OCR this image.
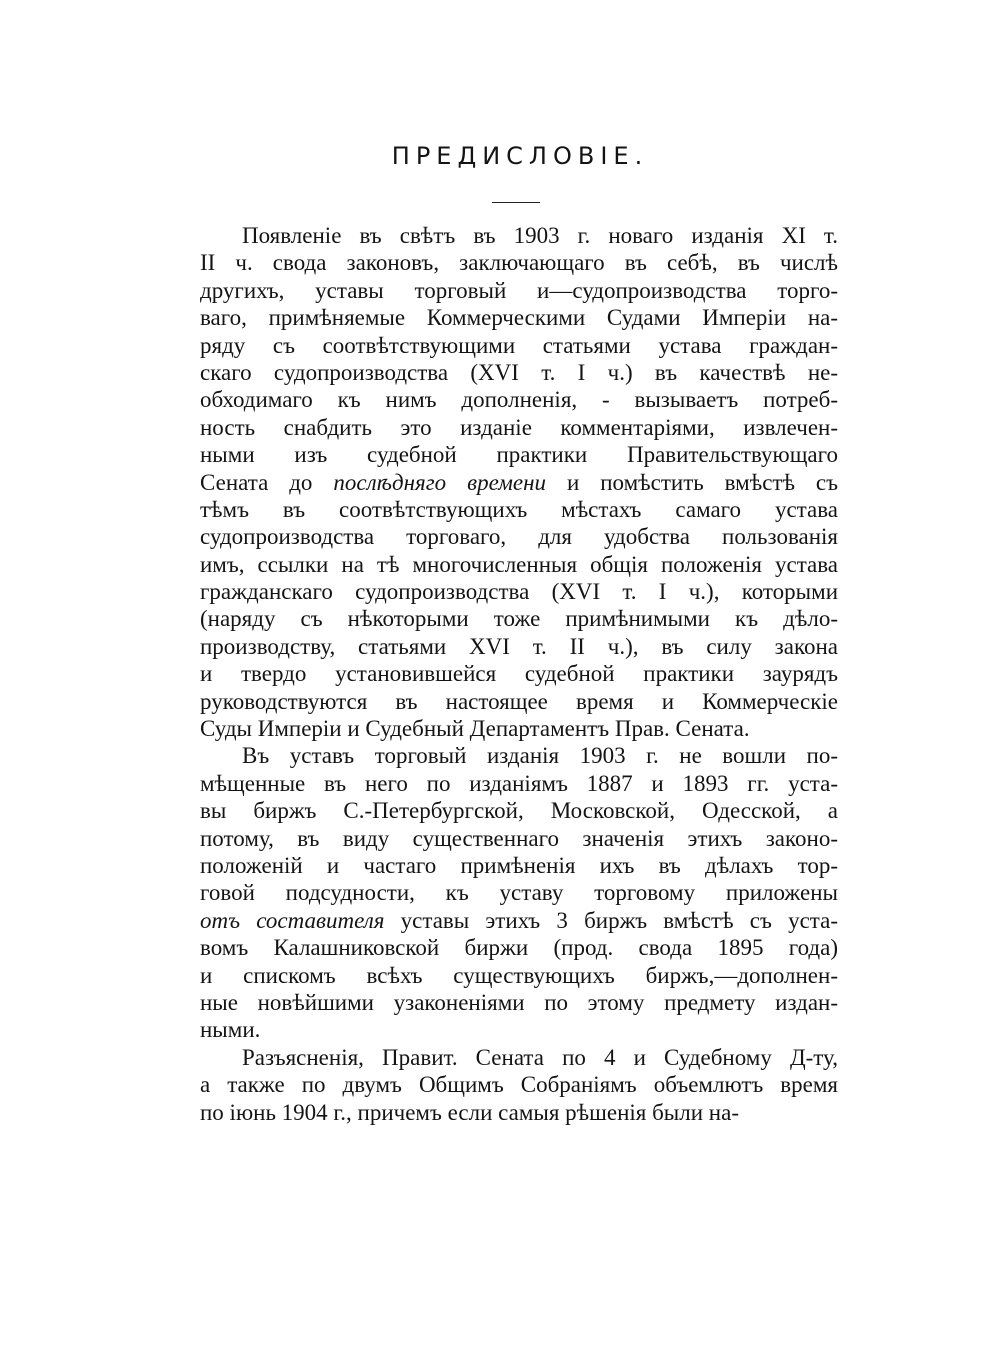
ПРЕДИСЛОВІЕ.
Появленіе въ свѣтъ въ 1903 г. новаго изданія XI т.
II ч. свода законовъ, заключающаго въ себѣ, въ числѣ
другихъ, уставы торговый и—судопроизводства торго-
ваго, примѣняемые Коммерческими Судами Имперіи на-
ряду съ соотвѣтствующими статьями устава граждан-
скаго судопроизводства (XVI т. I ч.) въ качествѣ не-
обходимаго къ нимъ дополненія, - вызываетъ потреб-
ность снабдить это изданіе комментаріями, извлечен-
ными изъ судебной практики Правительствующаго
Сената до послѣдняго времени и помѣстить вмѣстѣ съ
тѣмъ въ соотвѣтствующихъ мѣстахъ самаго устава
судопроизводства торговаго, для удобства пользованія
имъ, ссылки на тѣ многочисленныя общія положенія устава
гражданскаго судопроизводства (XVI т. I ч.), которыми
(наряду съ нѣкоторыми тоже примѣнимыми къ дѣло-
производству, статьями XVI т. II ч.), въ силу закона
и твердо установившейся судебной практики заурядъ
руководствуются въ настоящее время и Коммерческіе
Суды Имперіи и Судебный Департаментъ Прав. Сената.
Въ уставъ торговый изданія 1903 г. не вошли по-
мѣщенные въ него по изданіямъ 1887 и 1893 гг. уста-
вы биржъ С.-Петербургской, Московской, Одесской, а
потому, въ виду существеннаго значенія этихъ законо-
положеній и частаго примѣненія ихъ въ дѣлахъ тор-
говой подсудности, къ уставу торговому приложены
отъ составителя уставы этихъ 3 биржъ вмѣстѣ съ уста-
вомъ Калашниковской биржи (прод. свода 1895 года)
и спискомъ всѣхъ существующихъ биржъ,—дополнен-
ные новѣйшими узаконеніями по этому предмету издан-
ными.
Разъясненія, Правит. Сената по 4 и Судебному Д-ту,
а также по двумъ Общимъ Собраніямъ объемлютъ время
по іюнь 1904 г., причемъ если самыя рѣшенія были на-
